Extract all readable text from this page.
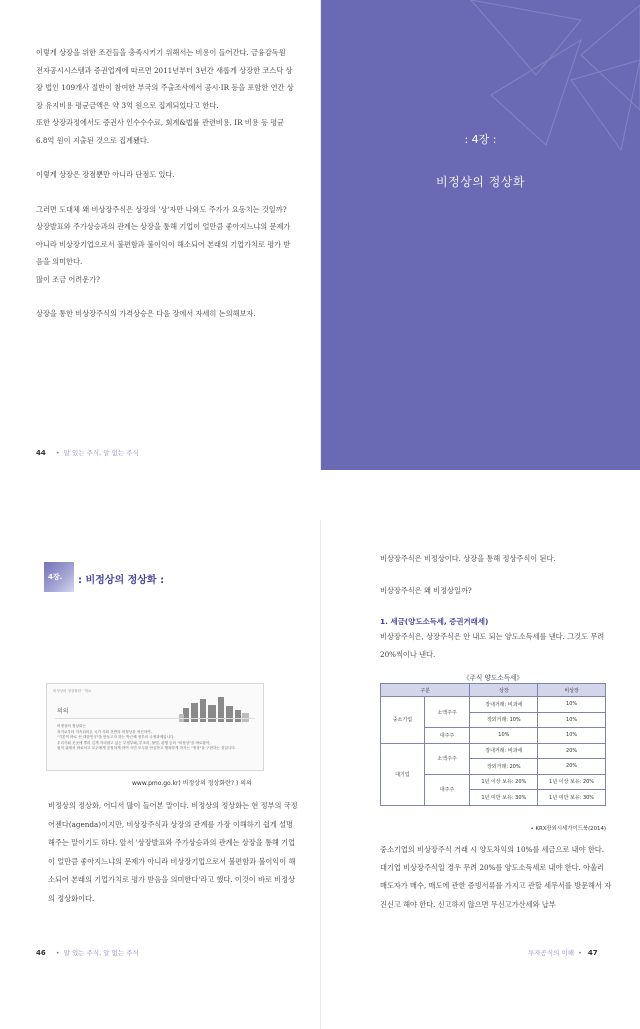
이렇게 상장을 위한 조건들을 충족시키기 위해서는 비용이 들어간다. 금융감독원 전자공시시스템과 증권업계에 따르면 2011년부터 3년간 새롭게 상장한 코스닥 상장 법인 109개사 절반이 참여한 부국의 주출조사에서 공시·IR 등을 포함한 연간 상장 유지비용 평균금액은 약 3억 원으로 집계되었다고 한다.

또한 상장과정에서도 증권사 인수수수료, 회계&법률 관련비용, IR 비용 등 평균 6.8억 원이 지출된 것으로 집계됐다.

이렇게 상장은 장점뿐만 아니라 단점도 있다.

그러면 도대체 왜 비상장주식은 상장의 '상'자만 나와도 주가가 요동치는 것일까?

상장발표와 주가상승과의 관계는 상장을 통해 기업이 얼만큼 좋아지느냐의 문제가 아니라 비상장기업으로서 불편함과 불이익이 해소되어 본래의 기업가치로 평가 받음을 의미한다.

많이 조금 어려운가?

상장을 통한 비상장주식의 가격상승은 다음 장에서 자세히 논의해보자.

44 • 알 있는 주식, 알 없는 주식
: 4장 :
비정상의 정상화
4장. : 비정상의 정상화 :
비정상의 정상화란 · 개요
의의
비정상의 정상화는
과거로부터 지속되어온 국가 사회 전반의 비정상을 혁신하여,
"기본이 바로 선 대한민국"을 만들고자 하는 박근혜 정부의 국정과제입니다.
우리사회 곳곳에 뿌리 깊게 자리잡고 있는 부정부패, 부조리, 불법, 관행 등의 "비정상"을 바로잡아,
원칙 위에서 바로서고 모두에게 공정하게 하여 국민 모두를 안심하고 행복하게 하자는 "정상"을 구현하는 것입니다.
www.pmo.go.kr) 비정상의 정상화란? ) 의의
비정상의 정상화, 어디서 많이 들어본 말이다. 비정상의 정상화는 현 정부의 국정 어젠다(agenda)이지만, 비상장주식과 상장의 관계를 가장 이해하기 쉽게 설명해주는 말이기도 하다. 앞서 '상장발표와 주가상승과의 관계는 상장을 통해 기업이 얼만큼 좋아지느냐의 문제가 아니라 비상장기업으로서 불편함과 불이익이 해소되어 본래의 기업가치로 평가 받음을 의미한다'라고 했다. 이것이 바로 비정상의 정상화이다.
46 • 알 있는 주식, 알 없는 주식

비상장주식은 비정상이다. 상장을 통해 정상주식이 된다.

비상장주식은 왜 비정상일까?

1. 세금(양도소득세, 증권거래세)
비상장주식은, 상장주식은 안 내도 되는 양도소득세를 낸다. 그것도 무려 20%씩이나 낸다.
《주식 양도소득세》
구분		상장	비상장
중소기업	소액주주	장내거래: 비과세	10%
		장외거래: 10%	10%
	대주주	10%	10%
대기업	소액주주	장내거래: 비과세	20%
		장외거래: 20%	20%
	대주주	1년 이상 보유: 20%	1년 이상 보유: 20%
		1년 미만 보유: 30%	1년 미만 보유: 30%
• KRX장외시세가이드북(2014)
중소기업의 비상장주식 거래 시 양도차익의 10%를 세금으로 내야 한다. 대기업 비상장주식일 경우 무려 20%를 양도소득세로 내야 한다. 아울러 매도자가 매수, 매도에 관한 증빙서류를 가지고 관할 세무서를 방문해서 자진신고 해야 한다. 신고하지 않으면 무신고가산세와 납부
투자공식의 이해 • 47
